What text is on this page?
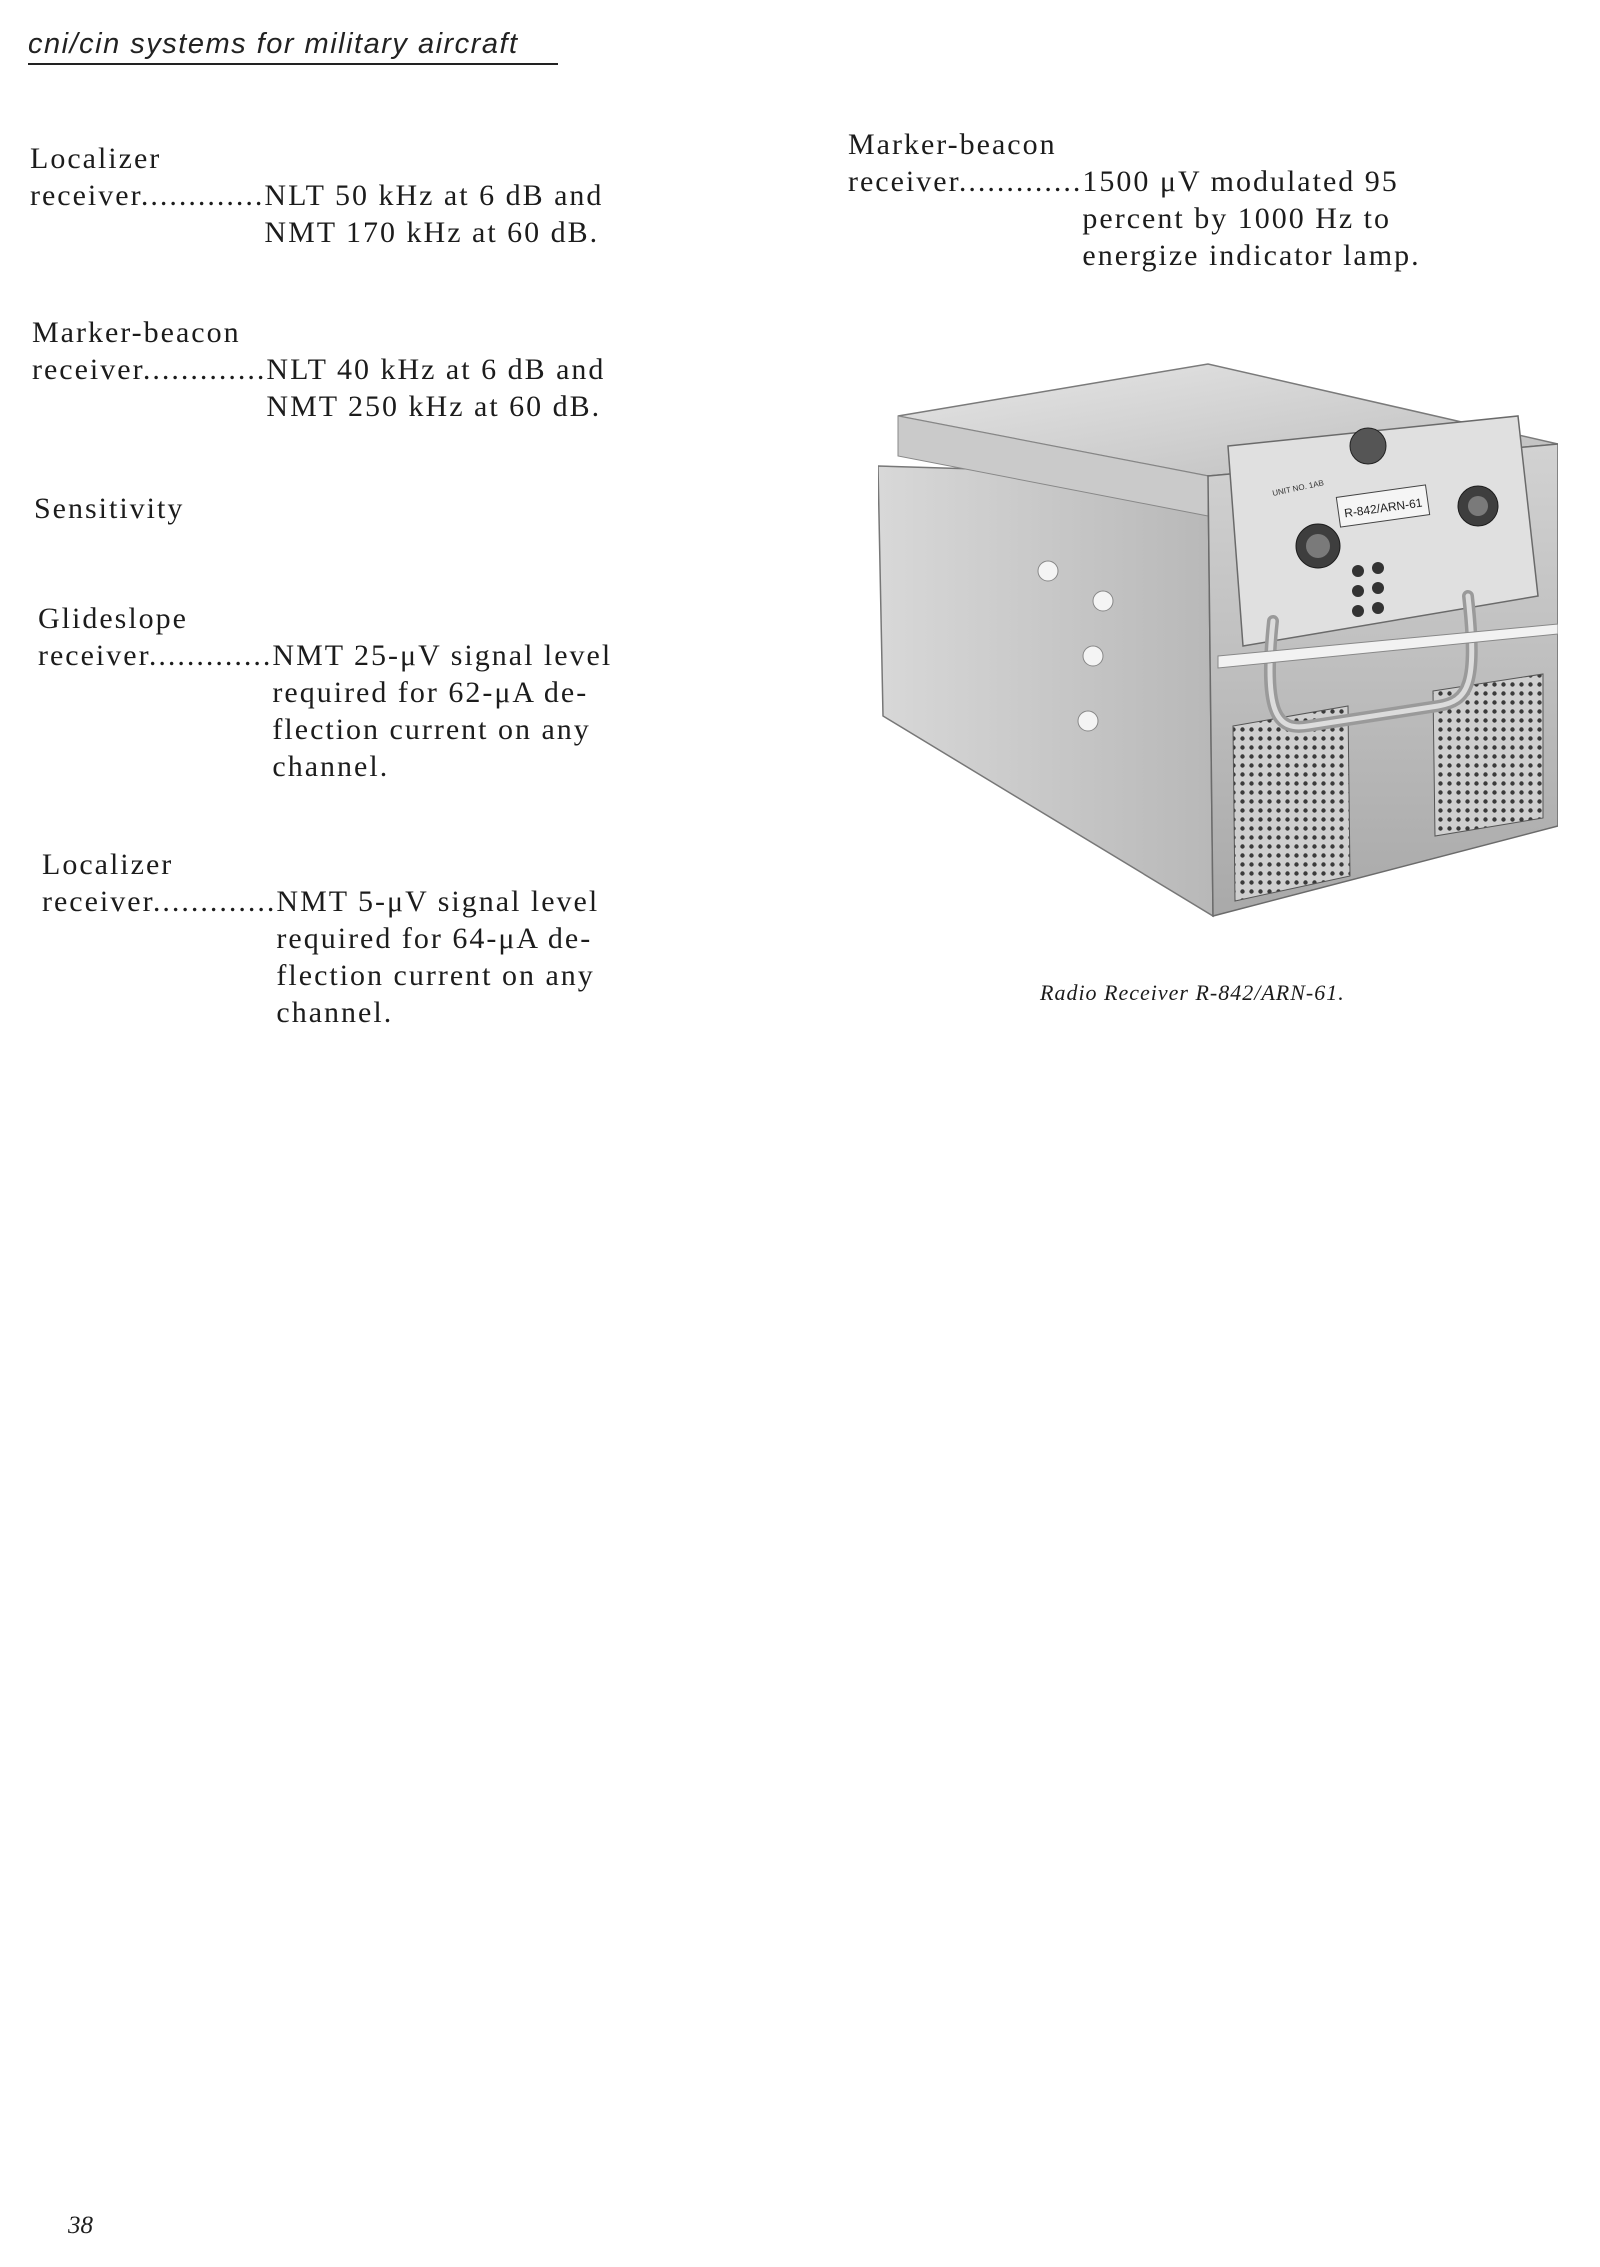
cni/cin systems for military aircraft
Localizer
receiver............. NLT 50 kHz at 6 dB and
NMT 170 kHz at 60 dB.
Marker-beacon
receiver............. NLT 40 kHz at 6 dB and
NMT 250 kHz at 60 dB.
Sensitivity
Glideslope
receiver............. NMT 25-μV signal level
required for 62-μA de-
flection current on any
channel.
Localizer
receiver............. NMT 5-μV signal level
required for 64-μA de-
flection current on any
channel.
Marker-beacon
receiver............. 1500 μV modulated 95
percent by 1000 Hz to
energize indicator lamp.
R-842/ARN-61
UNIT NO. 1AB
Radio Receiver R-842/ARN-61.
38
